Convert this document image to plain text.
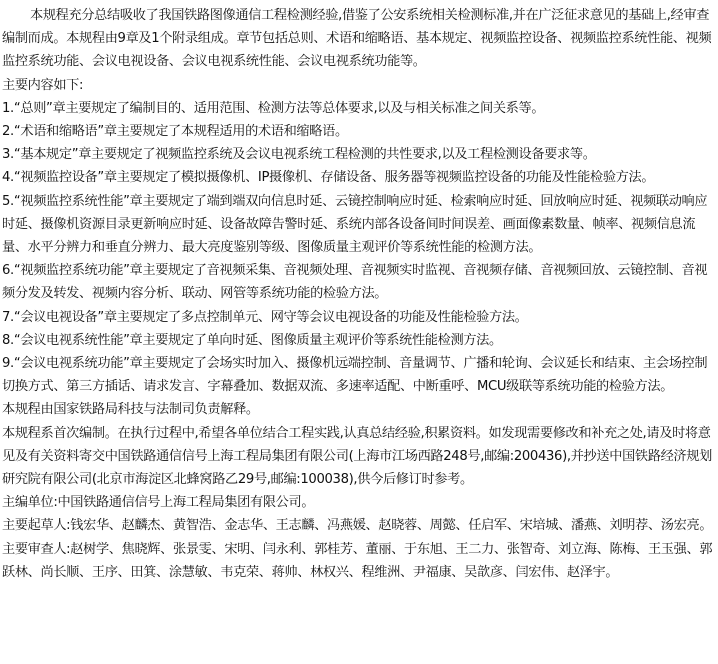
本规程充分总结吸收了我国铁路图像通信工程检测经验,借鉴了公安系统相关检测标准,并在广泛征求意见的基础上,经审查编制而成。本规程由9章及1个附录组成。章节包括总则、术语和缩略语、基本规定、视频监控设备、视频监控系统性能、视频监控系统功能、会议电视设备、会议电视系统性能、会议电视系统功能等。

主要内容如下:

1.“总则”章主要规定了编制目的、适用范围、检测方法等总体要求,以及与相关标准之间关系等。

2.“术语和缩略语”章主要规定了本规程适用的术语和缩略语。

3.“基本规定”章主要规定了视频监控系统及会议电视系统工程检测的共性要求,以及工程检测设备要求等。

4.“视频监控设备”章主要规定了模拟摄像机、IP摄像机、存储设备、服务器等视频监控设备的功能及性能检验方法。

5.“视频监控系统性能”章主要规定了端到端双向信息时延、云镜控制响应时延、检索响应时延、回放响应时延、视频联动响应时延、摄像机资源目录更新响应时延、设备故障告警时延、系统内部各设备间时间误差、画面像素数量、帧率、视频信息流量、水平分辨力和垂直分辨力、最大亮度鉴别等级、图像质量主观评价等系统性能的检测方法。

6.“视频监控系统功能”章主要规定了音视频采集、音视频处理、音视频实时监视、音视频存储、音视频回放、云镜控制、音视频分发及转发、视频内容分析、联动、网管等系统功能的检验方法。

7.“会议电视设备”章主要规定了多点控制单元、网守等会议电视设备的功能及性能检验方法。

8.“会议电视系统性能”章主要规定了单向时延、图像质量主观评价等系统性能检测方法。

9.“会议电视系统功能”章主要规定了会场实时加入、摄像机远端控制、音量调节、广播和轮询、会议延长和结束、主会场控制切换方式、第三方插话、请求发言、字幕叠加、数据双流、多速率适配、中断重呼、MCU级联等系统功能的检验方法。

本规程由国家铁路局科技与法制司负责解释。

本规程系首次编制。在执行过程中,希望各单位结合工程实践,认真总结经验,积累资料。如发现需要修改和补充之处,请及时将意见及有关资料寄交中国铁路通信信号上海工程局集团有限公司(上海市江场西路248号,邮编:200436),并抄送中国铁路经济规划研究院有限公司(北京市海淀区北蜂窝路乙29号,邮编:100038),供今后修订时参考。

主编单位:中国铁路通信信号上海工程局集团有限公司。

主要起草人:钱宏华、赵麟杰、黄智浩、金志华、王志麟、冯燕媛、赵晓蓉、周懿、任启军、宋培城、潘燕、刘明荐、汤宏亮。

主要审查人:赵树学、焦晓辉、张景雯、宋明、闫永利、郭桂芳、董丽、于东旭、王二力、张智奇、刘立海、陈梅、王玉强、郭跃林、尚长顺、王序、田箕、涂慧敏、韦克荣、蒋帅、林权兴、程维洲、尹福康、吴歆彦、闫宏伟、赵泽宇。
